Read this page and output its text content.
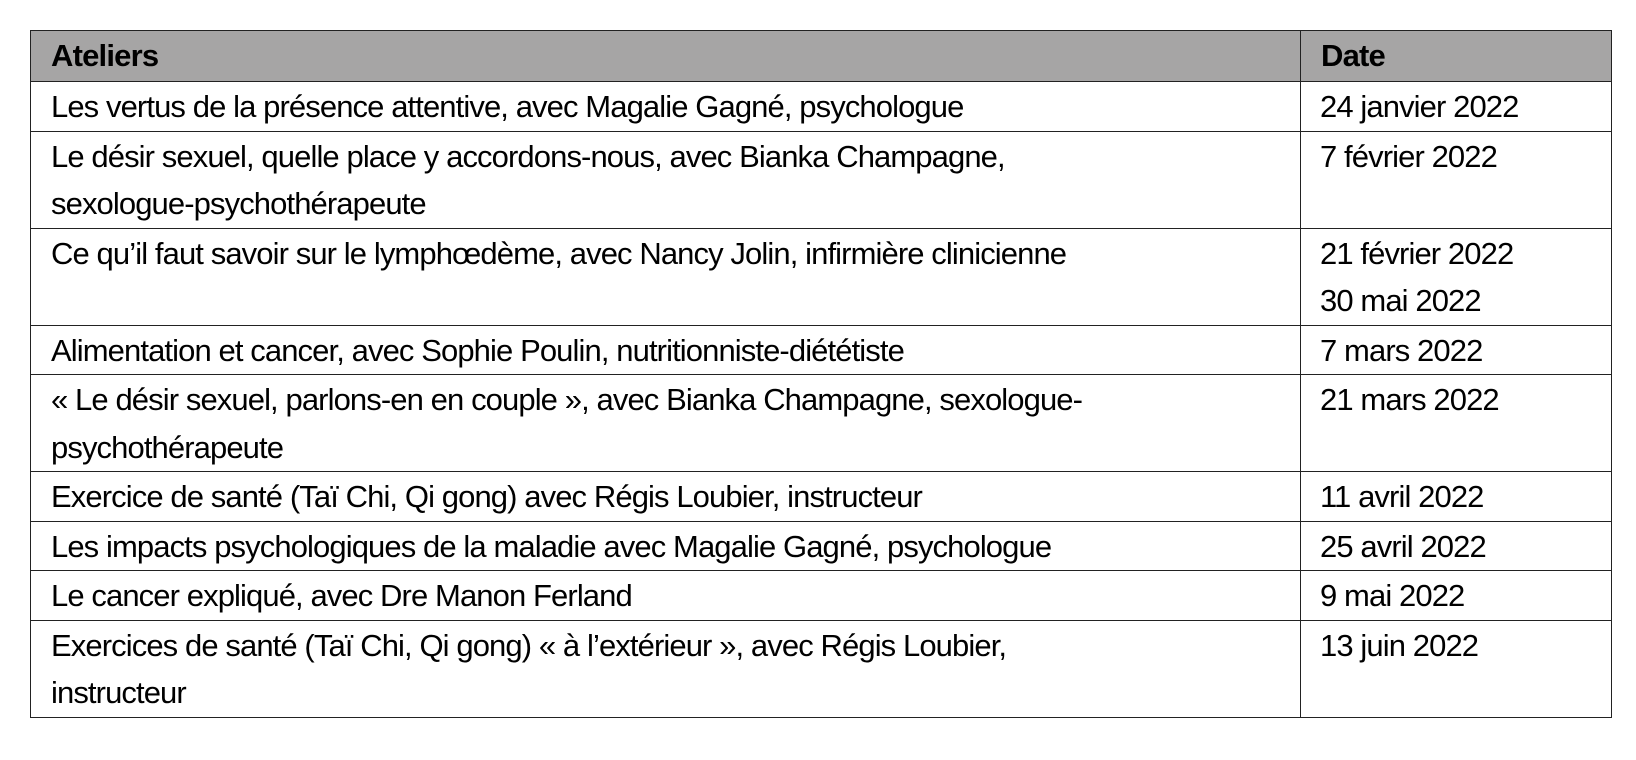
Ateliers	Date
Les vertus de la présence attentive, avec Magalie Gagné, psychologue	24 janvier 2022

Le désir sexuel, quelle place y accordons-nous, avec Bianka Champagne,
sexologue-psychothérapeute	7 février 2022

Ce qu’il faut savoir sur le lymphœdème, avec Nancy Jolin, infirmière clinicienne	21 février 2022
30 mai 2022

Alimentation et cancer, avec Sophie Poulin, nutritionniste-diététiste	7 mars 2022

« Le désir sexuel, parlons-en en couple », avec Bianka Champagne, sexologue-
psychothérapeute	21 mars 2022

Exercice de santé (Taï Chi, Qi gong) avec Régis Loubier, instructeur	11 avril 2022

Les impacts psychologiques de la maladie avec Magalie Gagné, psychologue	25 avril 2022

Le cancer expliqué, avec Dre Manon Ferland	9 mai 2022

Exercices de santé (Taï Chi, Qi gong) « à l’extérieur », avec Régis Loubier,
instructeur	13 juin 2022
